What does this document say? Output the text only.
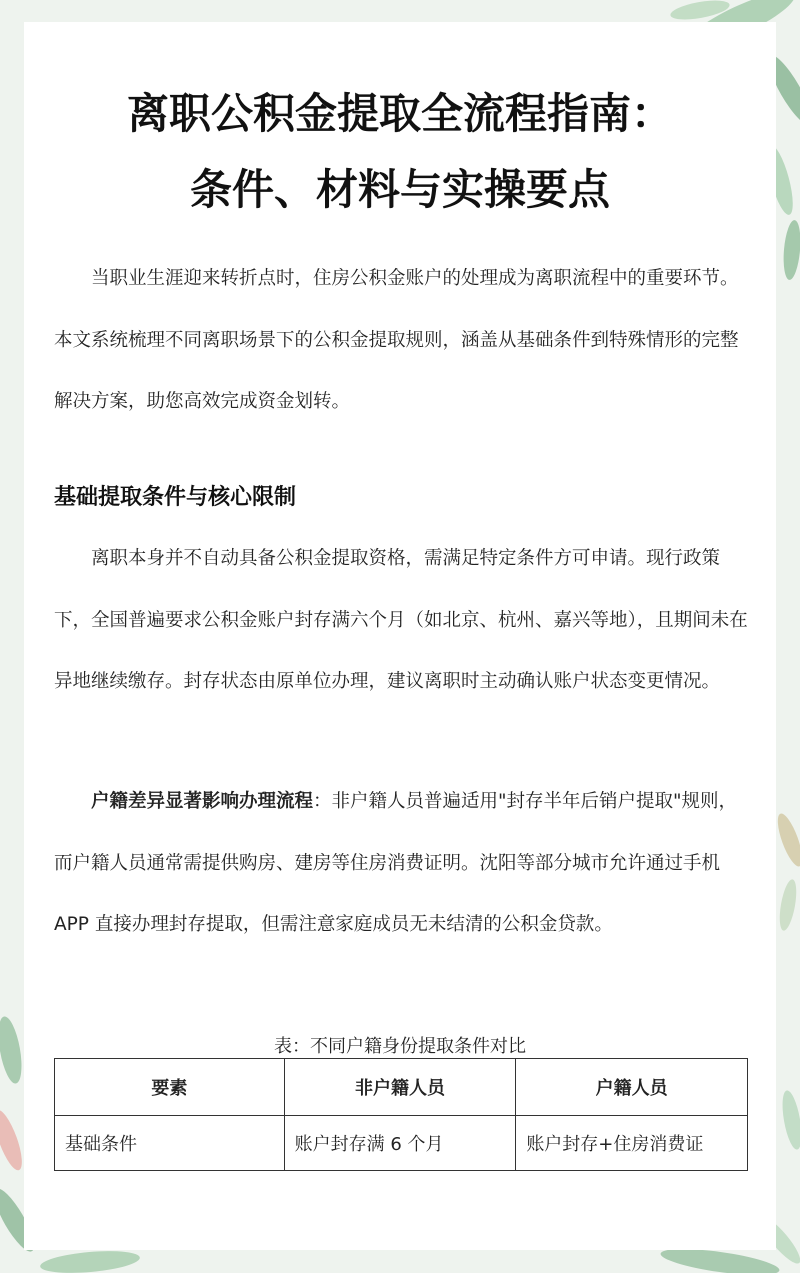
离职公积金提取全流程指南：
条件、材料与实操要点

当职业生涯迎来转折点时，住房公积金账户的处理成为离职流程中的重要环节。本文系统梳理不同离职场景下的公积金提取规则，涵盖从基础条件到特殊情形的完整解决方案，助您高效完成资金划转。

基础提取条件与核心限制

离职本身并不自动具备公积金提取资格，需满足特定条件方可申请。现行政策下，全国普遍要求公积金账户封存满六个月（如北京、杭州、嘉兴等地），且期间未在异地继续缴存。封存状态由原单位办理，建议离职时主动确认账户状态变更情况。

户籍差异显著影响办理流程：非户籍人员普遍适用"封存半年后销户提取"规则，而户籍人员通常需提供购房、建房等住房消费证明。沈阳等部分城市允许通过手机 APP 直接办理封存提取，但需注意家庭成员无未结清的公积金贷款。

表：不同户籍身份提取条件对比
要素	非户籍人员	户籍人员
基础条件	账户封存满 6 个月	账户封存+住房消费证
